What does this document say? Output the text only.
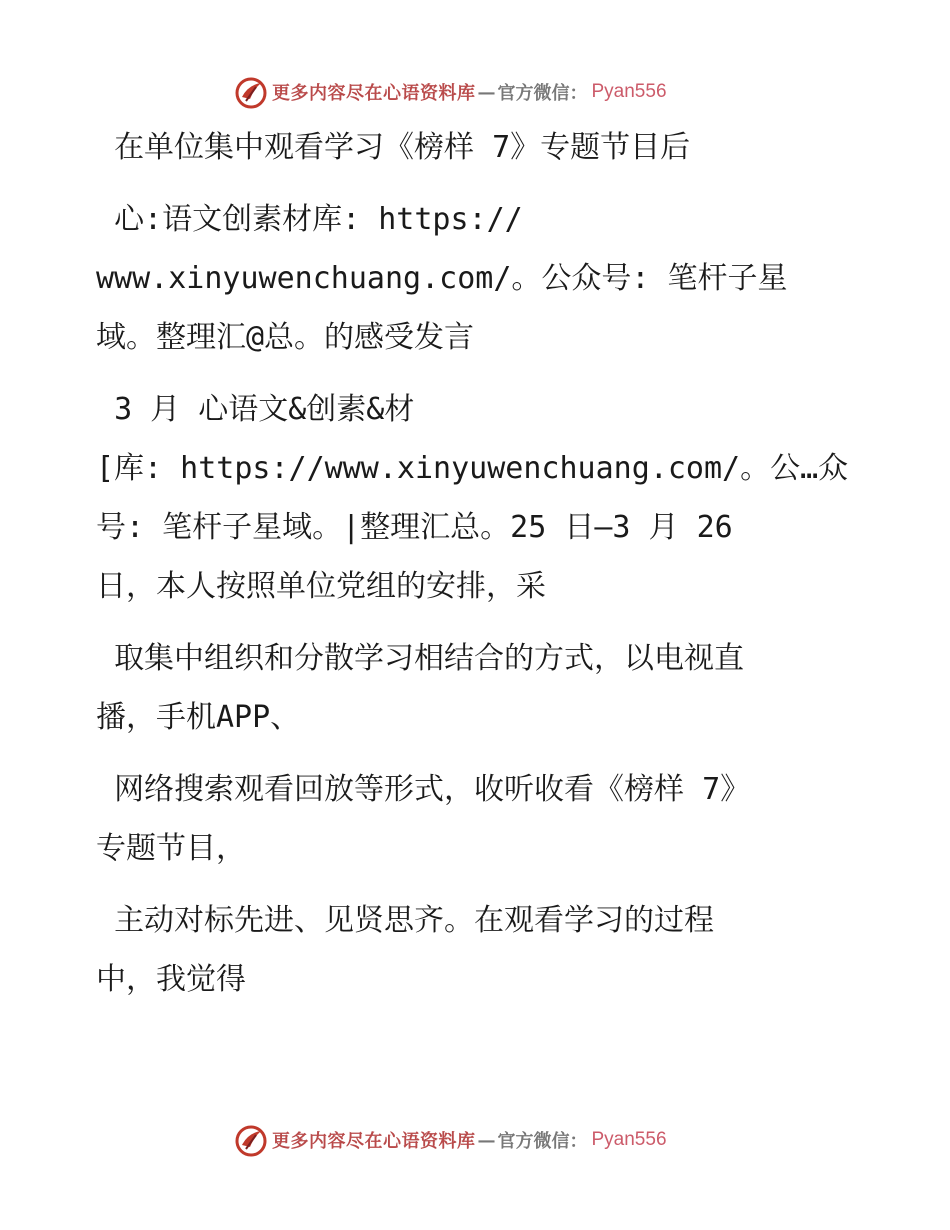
更多内容尽在心语资料库 — 官方微信： Pyan556

在单位集中观看学习《榜样 7》专题节目后

心:语文创素材库: https://
www.xinyuwenchuang.com/。公众号: 笔杆子星
域。整理汇@总。的感受发言

3 月 心语文&创素&材
[库: https://www.xinyuwenchuang.com/。公…众
号: 笔杆子星域。|整理汇总。25 日—3 月 26
日，本人按照单位党组的安排，采

取集中组织和分散学习相结合的方式，以电视直
播，手机APP、

网络搜索观看回放等形式，收听收看《榜样 7》
专题节目，

主动对标先进、见贤思齐。在观看学习的过程
中，我觉得

更多内容尽在心语资料库 — 官方微信： Pyan556
